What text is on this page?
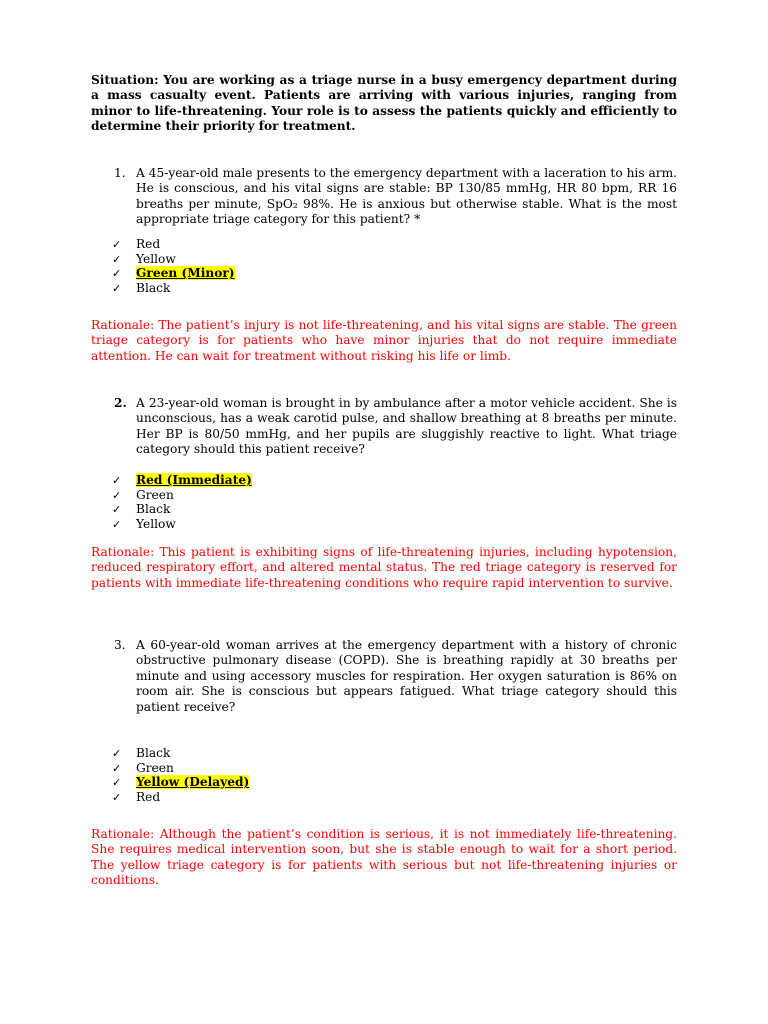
Situation: You are working as a triage nurse in a busy emergency department during a mass casualty event. Patients are arriving with various injuries, ranging from minor to life-threatening. Your role is to assess the patients quickly and efficiently to determine their priority for treatment.
1. A 45-year-old male presents to the emergency department with a laceration to his arm. He is conscious, and his vital signs are stable: BP 130/85 mmHg, HR 80 bpm, RR 16 breaths per minute, SpO₂ 98%. He is anxious but otherwise stable. What is the most appropriate triage category for this patient? *
✓ Red
✓ Yellow
✓ Green (Minor)
✓ Black
Rationale: The patient’s injury is not life-threatening, and his vital signs are stable. The green triage category is for patients who have minor injuries that do not require immediate attention. He can wait for treatment without risking his life or limb.
2. A 23-year-old woman is brought in by ambulance after a motor vehicle accident. She is unconscious, has a weak carotid pulse, and shallow breathing at 8 breaths per minute. Her BP is 80/50 mmHg, and her pupils are sluggishly reactive to light. What triage category should this patient receive?
✓ Red (Immediate)
✓ Green
✓ Black
✓ Yellow
Rationale: This patient is exhibiting signs of life-threatening injuries, including hypotension, reduced respiratory effort, and altered mental status. The red triage category is reserved for patients with immediate life-threatening conditions who require rapid intervention to survive.
3. A 60-year-old woman arrives at the emergency department with a history of chronic obstructive pulmonary disease (COPD). She is breathing rapidly at 30 breaths per minute and using accessory muscles for respiration. Her oxygen saturation is 86% on room air. She is conscious but appears fatigued. What triage category should this patient receive?
✓ Black
✓ Green
✓ Yellow (Delayed)
✓ Red
Rationale: Although the patient’s condition is serious, it is not immediately life-threatening. She requires medical intervention soon, but she is stable enough to wait for a short period. The yellow triage category is for patients with serious but not life-threatening injuries or conditions.
